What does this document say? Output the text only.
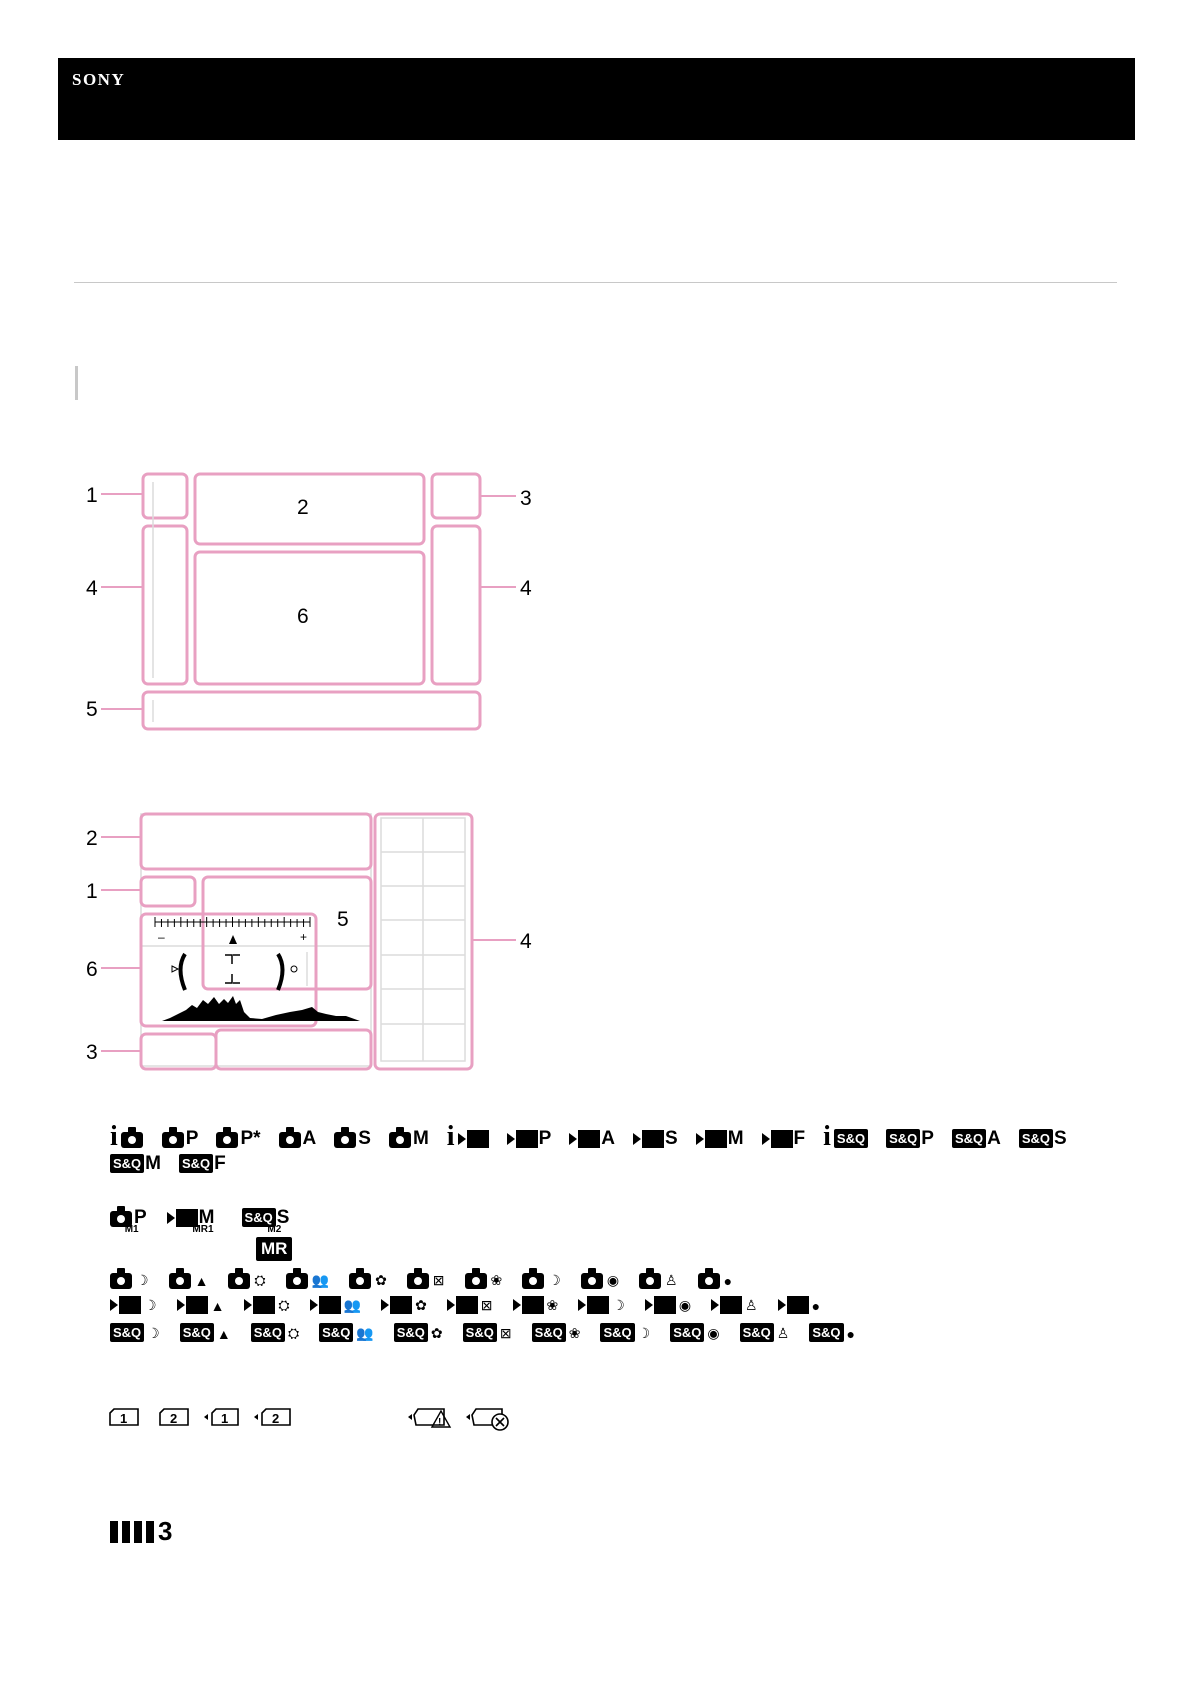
SONY
1
2	3
4	4
5
6
2
1
6
3
4
5
–	+
i	P P* A S M i	P	A	S	M	F i S&Q S&Q P S&Q A S&Q S
S&Q M S&Q F
P
M1
M
MR1
S&Q S
M2
MR
☽	▲	⛭	👥	✿	⊠	❀	☽	◉	♙	●
☽	▲	⛭	👥	✿	⊠	❀	☽	◉	♙	●
S&Q ☽ S&Q ▲ S&Q ⛭ S&Q 👥 S&Q ✿ S&Q ⊠ S&Q ❀ S&Q ☽ S&Q ◉ S&Q ♙ S&Q ●
1	2	1	2	!
3
